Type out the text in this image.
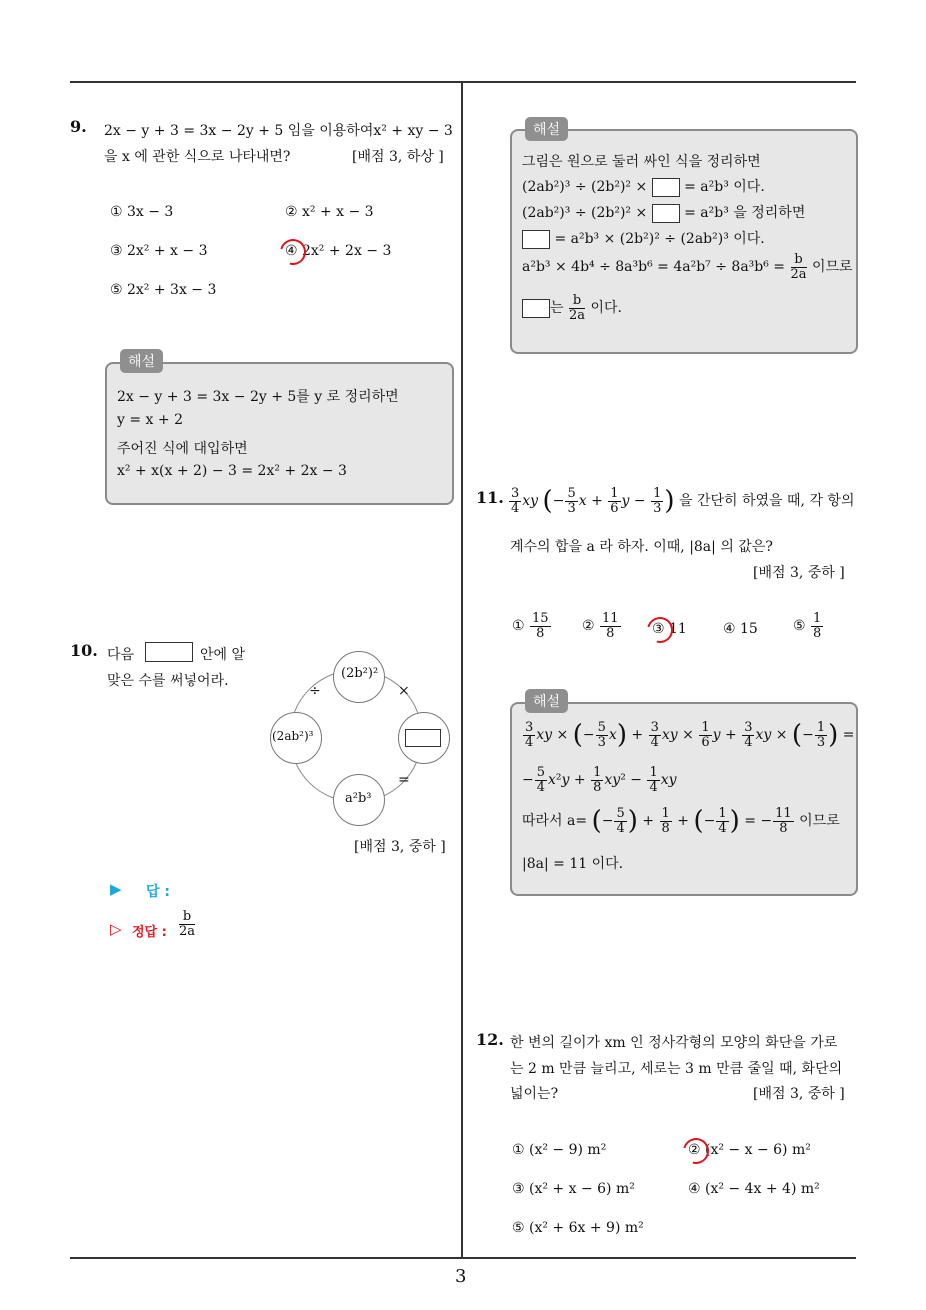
3
9. 2x − y + 3 = 3x − 2y + 5 임을 이용하여x² + xy − 3
을 x 에 관한 식으로 나타내면?	[배점 3, 하상 ]
① 3x − 3	② x² + x − 3
③ 2x² + x − 3	④ 2x² + 2x − 3
⑤ 2x² + 3x − 3
해설
2x − y + 3 = 3x − 2y + 5를 y 로 정리하면
y = x + 2
주어진 식에 대입하면
x² + x(x + 2) − 3 = 2x² + 2x − 3
10. 다음	안에 알
맞은 수를 써넣어라.	(2b²)²
(2ab²)³
a²b³
÷	×
=
[배점 3, 중하 ]
▶ 답 :
▷ 정답 : $\frac{b}{2a}$
해설
그림은 원으로 둘러 싸인 식을 정리하면
(2ab²)³ ÷ (2b²)² ×	= a²b³ 이다.
(2ab²)³ ÷ (2b²)² ×	= a²b³ 을 정리하면
= a²b³ × (2b²)² ÷ (2ab²)³ 이다.
$a^2b^3 \times 4b^4 \div 8a^3b^6 = 4a^2b^7 \div 8a^3b^6 = \frac{b}{2a}$ 이므로
는 $\frac{b}{2a}$ 이다.
11. $\frac{3}{4}$ xy (− $\frac{5}{3}$ $x + \frac{1}{6}$ $y - \frac{1}{3}$ ) 을 간단히 하였을 때, 각 항의
계수의 합을 a 라 하자. 이때, |8a| 의 값은?
[배점 3, 중하 ]
① $\frac{15}{8}$ ② $\frac{11}{8}$ ③ 11	④ 15	⑤ $\frac{1}{8}$
해설
$\frac{3}{4}$ xy × (− $\frac{5}{3} x) + \frac{3}{4}$ xy × $\frac{1}{6}$ $y + \frac{3}{4}$ xy × (− $\frac{1}{3}$ ) =
− $\frac{5}{4} x^2y + \frac{1}{8} xy^2 - \frac{1}{4}$ xy
따라서 a= (− $\frac{5}{4}$ ) + $\frac{1}{8}$ + (− $\frac{1}{4}$ ) = − $\frac{11}{8}$ 이므로
|8a| = 11 이다.
12. 한 변의 길이가 xm 인 정사각형의 모양의 화단을 가로
는 2 m 만큼 늘리고, 세로는 3 m 만큼 줄일 때, 화단의
넓이는?	[배점 3, 중하 ]
① (x² − 9) m²	② (x² − x − 6) m²
③ (x² + x − 6) m²	④ (x² − 4x + 4) m²
⑤ (x² + 6x + 9) m²
